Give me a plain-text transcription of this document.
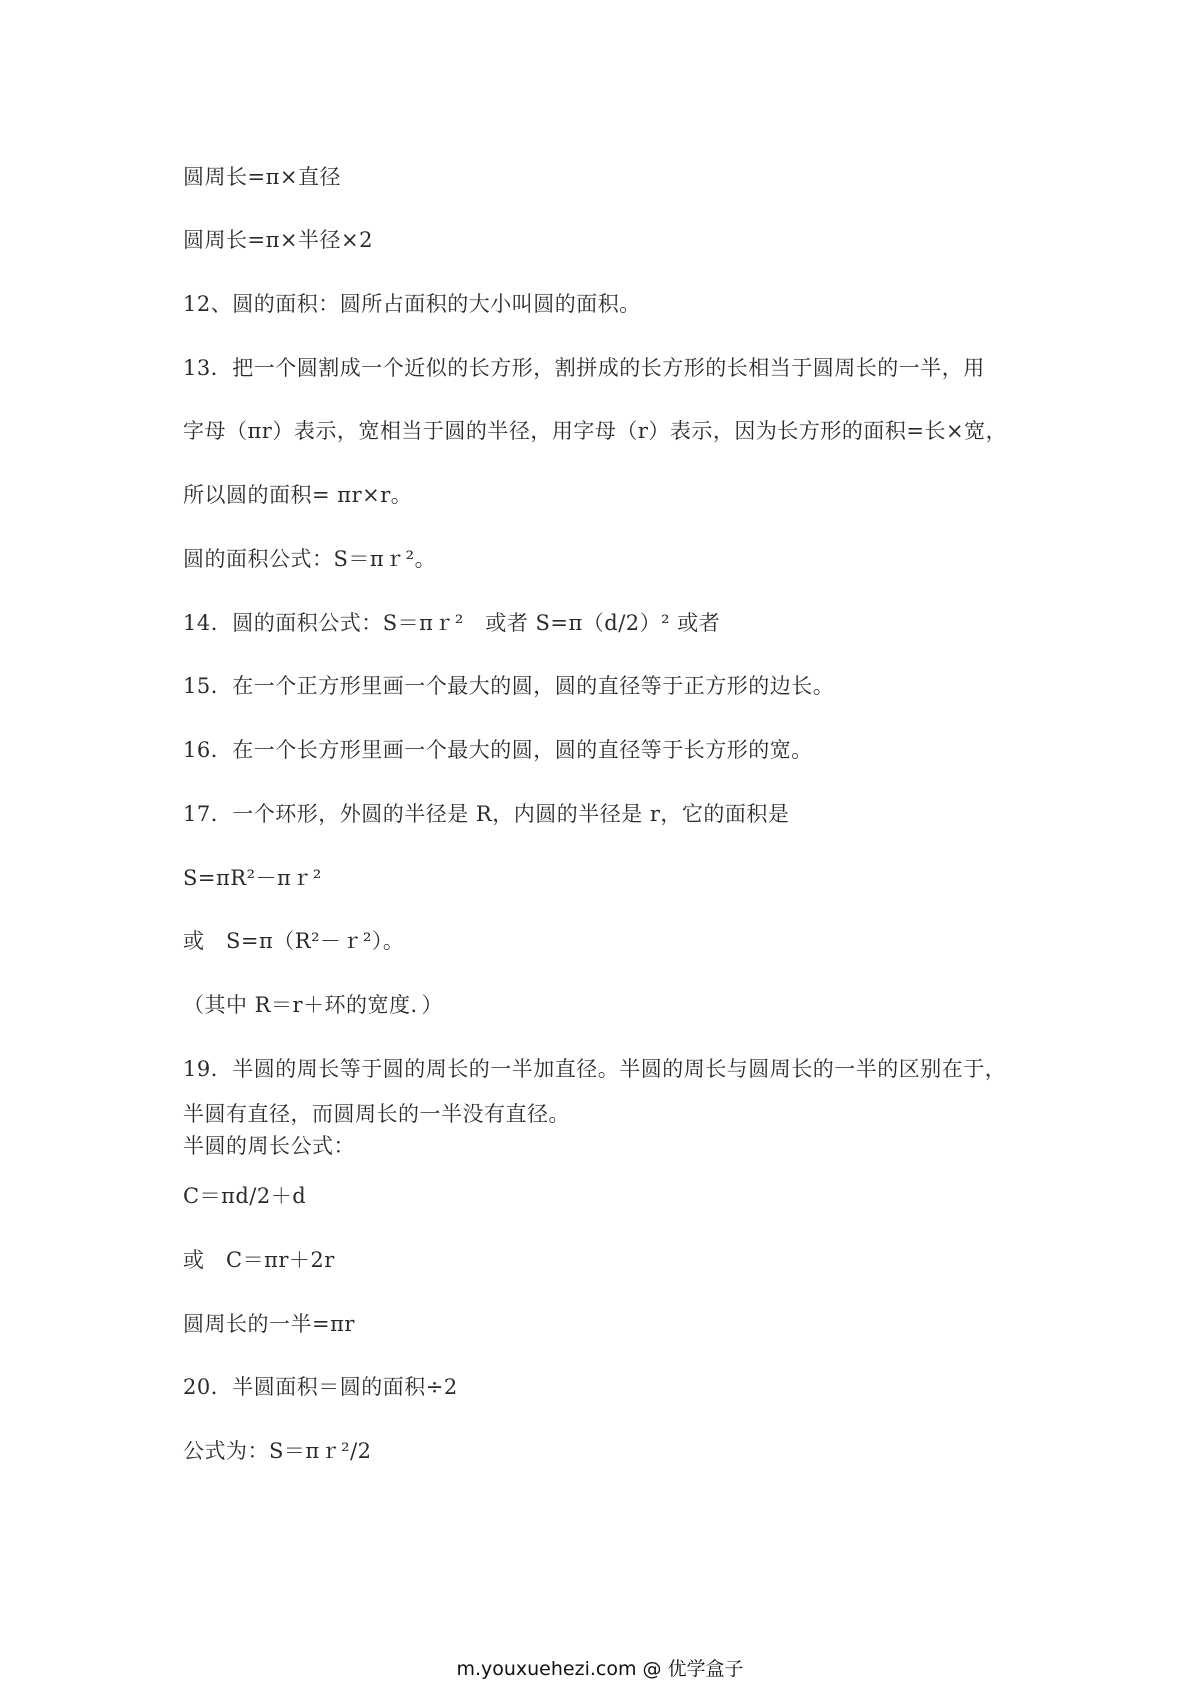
圆周长=π×直径
圆周长=π×半径×2
12、圆的面积：圆所占面积的大小叫圆的面积。
13．把一个圆割成一个近似的长方形，割拼成的长方形的长相当于圆周长的一半，用
字母（πr）表示，宽相当于圆的半径，用字母（r）表示，因为长方形的面积=长×宽，
所以圆的面积= πr×r。
圆的面积公式：S＝πｒ²。
14．圆的面积公式：S＝πｒ²　或者 S=π（d/2）² 或者
15．在一个正方形里画一个最大的圆，圆的直径等于正方形的边长。
16．在一个长方形里画一个最大的圆，圆的直径等于长方形的宽。
17．一个环形，外圆的半径是 R，内圆的半径是 r，它的面积是
S=πR²－πｒ²
或　S=π（R²－ｒ²）。
（其中 R＝r＋环的宽度．）
19．半圆的周长等于圆的周长的一半加直径。半圆的周长与圆周长的一半的区别在于，
半圆有直径，而圆周长的一半没有直径。
半圆的周长公式：
C＝πd/2＋d
或　C＝πr＋2r
圆周长的一半=πr
20．半圆面积＝圆的面积÷2
公式为：S＝πｒ²/2
m.youxuehezi.com @ 优学盒子
